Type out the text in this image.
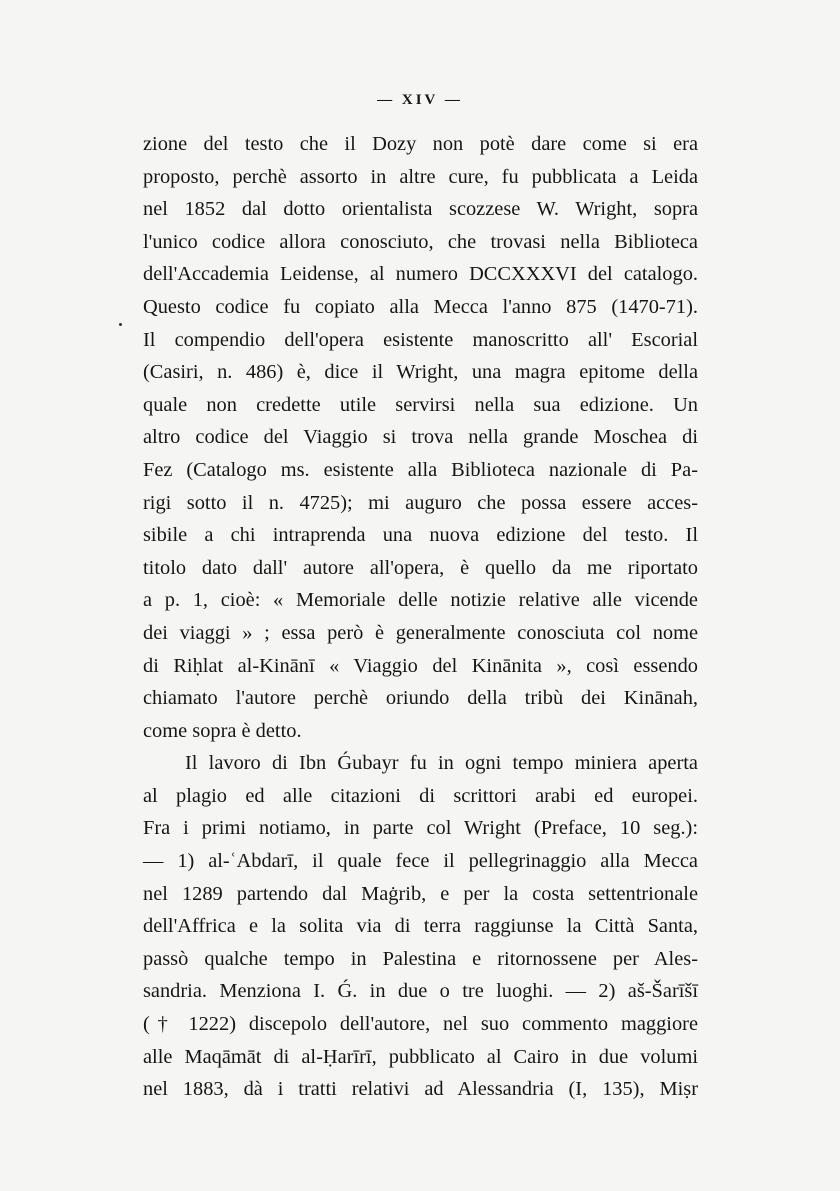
— XIV —
zione del testo che il Dozy non potè dare come si era
proposto, perchè assorto in altre cure, fu pubblicata a Leida
nel 1852 dal dotto orientalista scozzese W. Wright, sopra
l'unico codice allora conosciuto, che trovasi nella Biblioteca
dell'Accademia Leidense, al numero DCCXXXVI del catalogo.
Questo codice fu copiato alla Mecca l'anno 875 (1470-71).
Il compendio dell'opera esistente manoscritto all' Escorial
(Casiri, n. 486) è, dice il Wright, una magra epitome della
quale non credette utile servirsi nella sua edizione. Un
altro codice del Viaggio si trova nella grande Moschea di
Fez (Catalogo ms. esistente alla Biblioteca nazionale di Pa-
rigi sotto il n. 4725); mi auguro che possa essere acces-
sibile a chi intraprenda una nuova edizione del testo. Il
titolo dato dall' autore all'opera, è quello da me riportato
a p. 1, cioè: « Memoriale delle notizie relative alle vicende
dei viaggi » ; essa però è generalmente conosciuta col nome
di Riḥlat al-Kinānī « Viaggio del Kinānita », così essendo
chiamato l'autore perchè oriundo della tribù dei Kinānah,
come sopra è detto.
Il lavoro di Ibn Ǵubayr fu in ogni tempo miniera aperta
al plagio ed alle citazioni di scrittori arabi ed europei.
Fra i primi notiamo, in parte col Wright (Preface, 10 seg.):
— 1) al-ʿAbdarī, il quale fece il pellegrinaggio alla Mecca
nel 1289 partendo dal Maġrib, e per la costa settentrionale
dell'Affrica e la solita via di terra raggiunse la Città Santa,
passò qualche tempo in Palestina e ritornossene per Ales-
sandria. Menziona I. Ǵ. in due o tre luoghi. — 2) aš-Šarīšī
(† 1222) discepolo dell'autore, nel suo commento maggiore
alle Maqāmāt di al-Ḥarīrī, pubblicato al Cairo in due volumi
nel 1883, dà i tratti relativi ad Alessandria (I, 135), Miṣr
